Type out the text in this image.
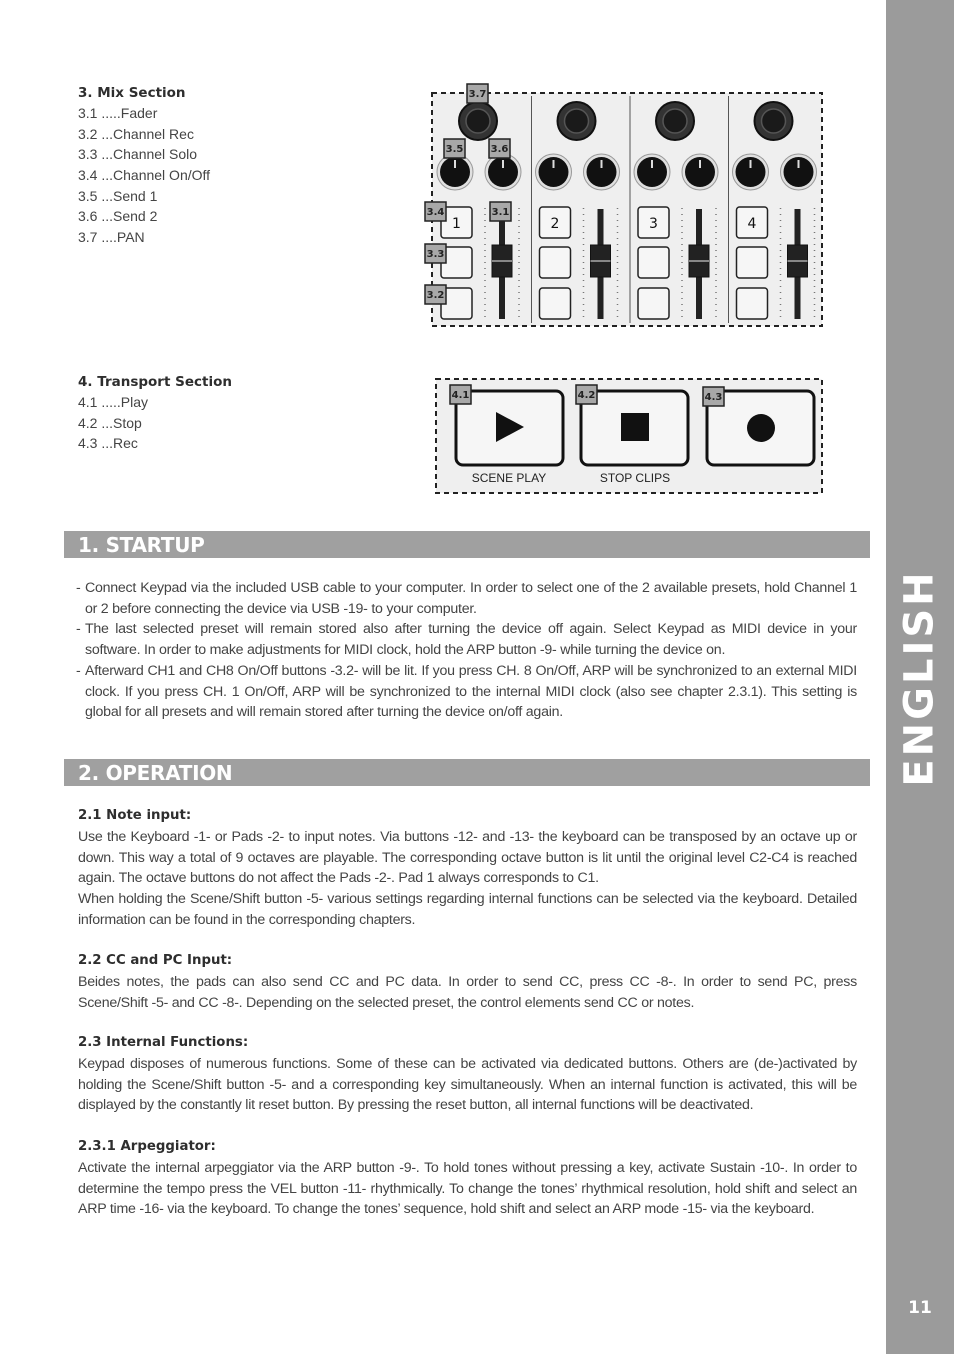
ENGLISH
11
3. Mix Section
3.1 .....Fader
3.2 ...Channel Rec
3.3 ...Channel Solo
3.4 ...Channel On/Off
3.5 ...Send 1
3.6 ...Send 2
3.7 ....PAN
4. Transport Section
4.1 .....Play
4.2 ...Stop
4.3 ...Rec
1	2	3	4
3.7
3.5	3.6
3.4	3.1
3.3
3.2
4.1	4.2	4.3
SCENE PLAY	STOP CLIPS
1. STARTUP
- Connect Keypad via the included USB cable to your computer. In order to select one of the 2 available presets, hold Channel 1 or 2 before connecting the device via USB -19- to your computer.
- The last selected preset will remain stored also after turning the device off again. Select Keypad as MIDI device in your software. In order to make adjustments for MIDI clock, hold the ARP button -9- while turning the device on.
- Afterward CH1 and CH8 On/Off buttons -3.2- will be lit. If you press CH. 8 On/Off, ARP will be synchronized to an external MIDI clock. If you press CH. 1 On/Off, ARP will be synchronized to the internal MIDI clock (also see chapter 2.3.1). This setting is global for all presets and will remain stored after turning the device on/off again.
2. OPERATION
2.1 Note input:

Use the Keyboard -1- or Pads -2- to input notes. Via buttons -12- and -13- the keyboard can be transposed by an octave up or down. This way a total of 9 octaves are playable. The corresponding octave button is lit until the original level C2-C4 is reached again. The octave buttons do not affect the Pads -2-. Pad 1 always corresponds to C1.

When holding the Scene/Shift button -5- various settings regarding internal functions can be selected via the keyboard. Detailed information can be found in the corresponding chapters.

2.2 CC and PC Input:

Beides notes, the pads can also send CC and PC data. In order to send CC, press CC -8-. In order to send PC, press Scene/Shift -5- and CC -8-. Depending on the selected preset, the control elements send CC or notes.

2.3 Internal Functions:

Keypad disposes of numerous functions. Some of these can be activated via dedicated buttons. Others are (de-)activated by holding the Scene/Shift button -5- and a corresponding key simultaneously. When an internal function is activated, this will be displayed by the constantly lit reset button. By pressing the reset button, all internal functions will be deactivated.

2.3.1 Arpeggiator:

Activate the internal arpeggiator via the ARP button -9-. To hold tones without pressing a key, activate Sustain -10-. In order to determine the tempo press the VEL button -11- rhythmically. To change the tones’ rhythmical resolution, hold shift and select an ARP time -16- via the keyboard. To change the tones’ sequence, hold shift and select an ARP mode -15- via the keyboard.
